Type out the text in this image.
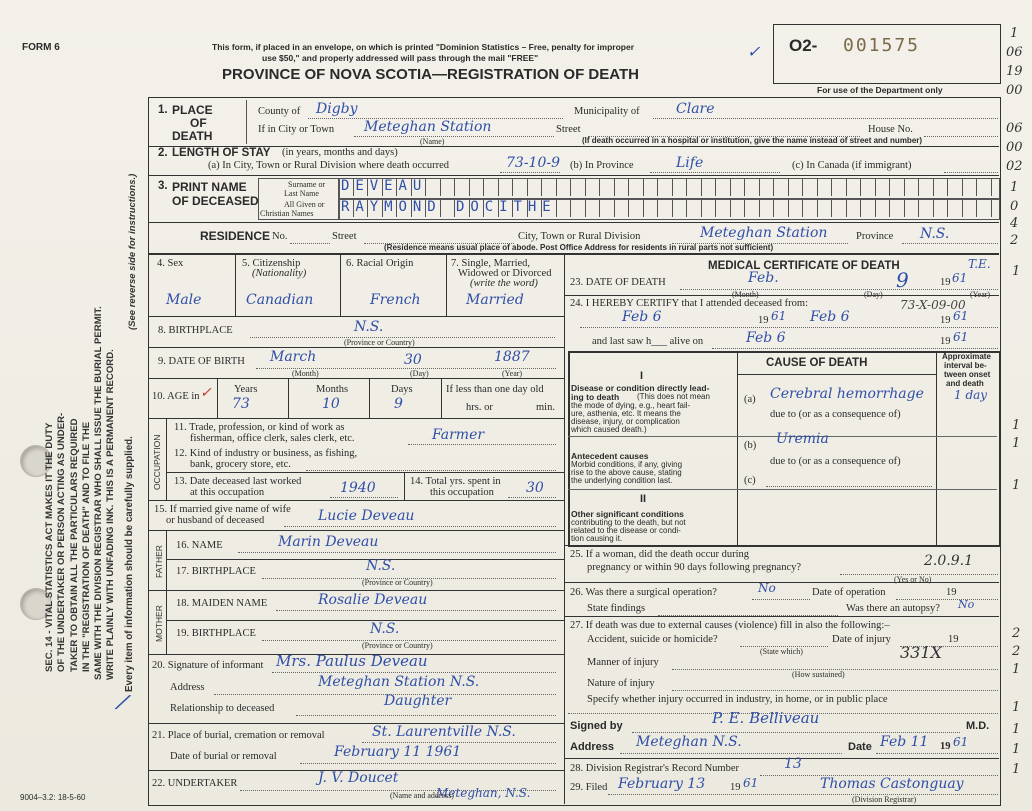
FORM 6	This form, if placed in an envelope, on which is printed "Dominion Statistics – Free, penalty for improper
use $50," and properly addressed will pass through the mail "FREE"
PROVINCE OF NOVA SCOTIA—REGISTRATION OF DEATH
✓ O2- 001575
For use of the Department only
SEC. 14 - VITAL STATISTICS ACT MAKES IT THE DUTY OF THE UNDERTAKER OR PERSON ACTING AS UNDER- TAKER TO OBTAIN ALL THE PARTICULARS REQUIRED IN THE "REGISTRATION OF DEATH" AND TO FILE THE SAME WITH THE DIVISION REGISTRAR WHO SHALL ISSUE THE BURIAL PERMIT. WRITE PLAINLY WITH UNFADING INK. THIS IS A PERMANENT RECORD. Every item of information should be carefully supplied.
(See reverse side for instructions.)
/
1. PLACE
OF
DEATH
County of Digby	Municipality of	Clare
If in City or Town Meteghan Station	Street	House No.
(Name)	(If death occurred in a hospital or institution, give the name instead of street and number)
2. LENGTH OF STAY (in years, months and days)
(a) In City, Town or Rural Division where death occurred	73-10-9 (b) In Province	Life	(c) In Canada (if immigrant)
3. PRINT NAME
OF DECEASED
Surname or
Last Name
All Given or
Christian Names
DEVEAU
RAYMOND DOCITHE
RESIDENCE No.	Street	City, Town or Rural Division	Meteghan Station	Province N.S.
(Residence means usual place of abode. Post Office Address for residents in rural parts not sufficient)
4. Sex
Male
5. Citizenship
(Nationality)
Canadian
6. Racial Origin
French
7. Single, Married,
Widowed or Divorced
(write the word)
Married
8. BIRTHPLACE	N.S.
(Province or Country)
9. DATE OF BIRTH March	30	1887
(Month)	(Day)	(Year)
10. AGE in ✓ Years
73
Months
10
Days
9
If less than one day old
hrs. or	min.
OCCUPATION
11. Trade, profession, or kind of work as
fisherman, office clerk, sales clerk, etc.	Farmer
12. Kind of industry or business, as fishing,
bank, grocery store, etc.
13. Date deceased last worked
at this occupation	1940	14. Total yrs. spent in
this occupation 30
15. If married give name of wife
or husband of deceased	Lucie Deveau
FATHER 16. NAME	Marin Deveau
17. BIRTHPLACE	N.S.
(Province or Country)
MOTHER
18. MAIDEN NAME	Rosalie Deveau
19. BIRTHPLACE	N.S.
(Province or Country)
20. Signature of informant Mrs. Paulus Deveau
Address	Meteghan Station N.S.
Relationship to deceased	Daughter
21. Place of burial, cremation or removal	St. Laurentville N.S.
Date of burial or removal	February 11 1961
22. UNDERTAKER	J. V. Doucet
Meteghan, N.S.
(Name and address)
MEDICAL CERTIFICATE OF DEATH	T.E.
23. DATE OF DEATH	Feb.	9	19 61
(Month)	(Day)	(Year)
24. I HEREBY CERTIFY that I attended deceased from:	73-X-09-00
Feb 6	19 61 Feb 6	19 61
and last saw h___ alive on	Feb 6	19 61
CAUSE OF DEATH
Approximate
interval be-
tween onset
and death
I
Disease or condition directly lead-
ing to death (This does not mean
the mode of dying, e.g., heart fail-
ure, asthenia, etc. It means the
disease, injury, or complication
which caused death.)
(a) Cerebral hemorrhage	1 day
due to (or as a consequence of)
Antecedent causes
Morbid conditions, if any, giving
rise to the above cause, stating
the underlying condition last.
(b) Uremia
due to (or as a consequence of)
(c)
II
Other significant conditions
contributing to the death, but not
related to the disease or condi-
tion causing it.
25. If a woman, did the death occur during
pregnancy or within 90 days following pregnancy?	2.0.9.1
(Yes or No)
26. Was there a surgical operation?	No	Date of operation	19
State findings	Was there an autopsy? No
27. If death was due to external causes (violence) fill in also the following:–
Accident, suicide or homicide?	Date of injury	19
(State which)	331X
Manner of injury
(How sustained)
Nature of injury
Specify whether injury occurred in industry, in home, or in public place
Signed by	P. E. Belliveau	M.D.
Address Meteghan N.S.	Date Feb 11 19 61
28. Division Registrar's Record Number	13
29. Filed February 13 19 61	Thomas Castonguay
(Division Registrar)
9004–3.2: 18-5-60
1
06
19
00
06
00
02
1
0
4
2
1
1
1
1
2
2
1
1
1
1
1
